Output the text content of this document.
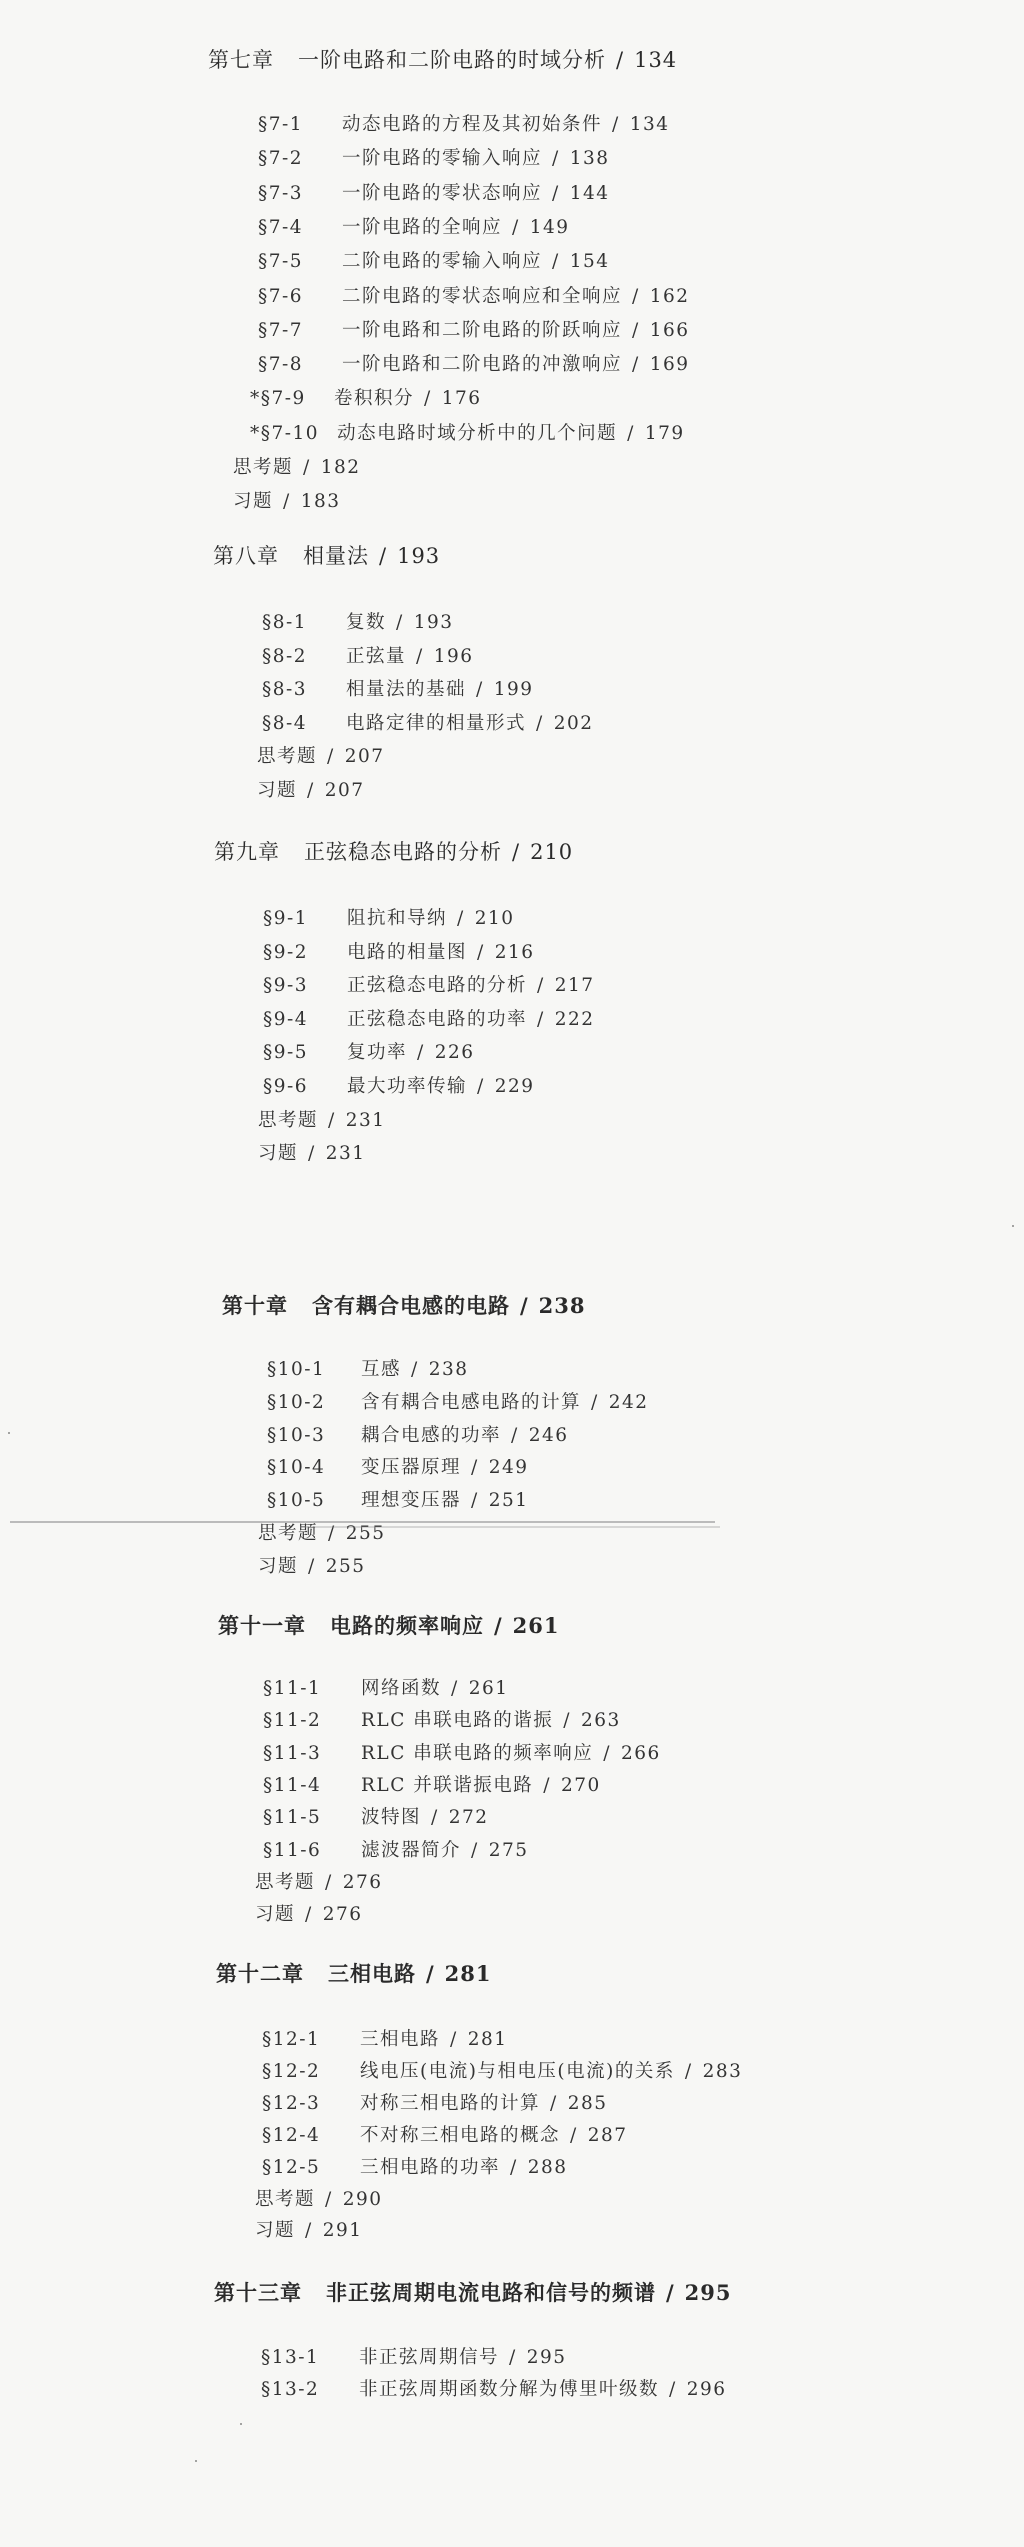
第七章 一阶电路和二阶电路的时域分析 / 134
§7-1 动态电路的方程及其初始条件 / 134
§7-2 一阶电路的零输入响应 / 138
§7-3 一阶电路的零状态响应 / 144
§7-4 一阶电路的全响应 / 149
§7-5 二阶电路的零输入响应 / 154
§7-6 二阶电路的零状态响应和全响应 / 162
§7-7 一阶电路和二阶电路的阶跃响应 / 166
§7-8 一阶电路和二阶电路的冲激响应 / 169
*§7-9 卷积积分 / 176
*§7-10 动态电路时域分析中的几个问题 / 179
思考题 / 182
习题 / 183
第八章 相量法 / 193
§8-1 复数 / 193
§8-2 正弦量 / 196
§8-3 相量法的基础 / 199
§8-4 电路定律的相量形式 / 202
思考题 / 207
习题 / 207
第九章 正弦稳态电路的分析 / 210
§9-1 阻抗和导纳 / 210
§9-2 电路的相量图 / 216
§9-3 正弦稳态电路的分析 / 217
§9-4 正弦稳态电路的功率 / 222
§9-5 复功率 / 226
§9-6 最大功率传输 / 229
思考题 / 231
习题 / 231
第十章 含有耦合电感的电路 / 238
§10-1 互感 / 238
§10-2 含有耦合电感电路的计算 / 242
§10-3 耦合电感的功率 / 246
§10-4 变压器原理 / 249
§10-5 理想变压器 / 251
思考题 / 255
习题 / 255
第十一章 电路的频率响应 / 261
§11-1 网络函数 / 261
§11-2 RLC 串联电路的谐振 / 263
§11-3 RLC 串联电路的频率响应 / 266
§11-4 RLC 并联谐振电路 / 270
§11-5 波特图 / 272
§11-6 滤波器简介 / 275
思考题 / 276
习题 / 276
第十二章 三相电路 / 281
§12-1 三相电路 / 281
§12-2 线电压(电流)与相电压(电流)的关系 / 283
§12-3 对称三相电路的计算 / 285
§12-4 不对称三相电路的概念 / 287
§12-5 三相电路的功率 / 288
思考题 / 290
习题 / 291
第十三章 非正弦周期电流电路和信号的频谱 / 295
§13-1 非正弦周期信号 / 295
§13-2 非正弦周期函数分解为傅里叶级数 / 296
